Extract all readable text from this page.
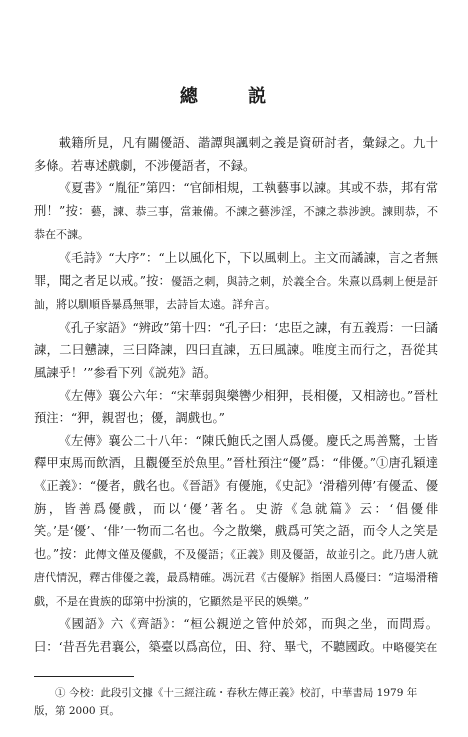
總 説

載籍所見，凡有關優語、諧譚與諷刺之義是資研討者，彙録之。九十多條。若專述戲劇，不涉優語者，不録。

《夏書》“胤征”第四：“官師相規，工執藝事以諫。其或不恭，邦有常刑！”按：藝，諫、恭三事，當兼備。不諫之藝涉淫，不諫之恭涉諛。諫則恭，不恭在不諫。

《毛詩》“大序”：“上以風化下，下以風刺上。主文而譎諫，言之者無罪，聞之者足以戒。”按：優語之刺，與詩之刺，於義全合。朱熹以爲刺上便是訐訕，將以馴順昏暴爲無罪，去詩旨太遠。詳弁言。

《孔子家語》“辨政”第十四：“孔子曰：‘忠臣之諫，有五義焉：一曰譎諫，二曰戇諫，三曰降諫，四曰直諫，五曰風諫。唯度主而行之，吾從其風諫乎！’”参看下列《説苑》語。

《左傳》襄公六年：“宋華弱與樂轡少相狎，長相優，又相謗也。”晉杜預注：“狎，親習也；優，調戲也。”

《左傳》襄公二十八年：“陳氏鮑氏之圉人爲優。慶氏之馬善驚，士皆釋甲束馬而飲酒，且觀優至於魚里。”晉杜預注“優”爲：“俳優。”①唐孔穎達《正義》：“優者，戲名也。《晉語》有優施，《史記》‘滑稽列傳’有優孟、優旃，皆善爲優戲，而以‘優’著名。史游《急就篇》云：‘倡優俳笑。’是‘優’、‘俳’一物而二名也。今之散樂，戲爲可笑之語，而令人之笑是也。”按：此傳文僅及優戲，不及優語；《正義》則及優語，故並引之。此乃唐人就唐代情況，釋古俳優之義，最爲精確。馮沅君《古優解》指圉人爲優曰：“這場滑稽戲，不是在貴族的邸第中扮演的，它顯然是平民的娛樂。”

《國語》六《齊語》：“桓公親逆之管仲於郊，而與之坐，而問焉。曰：‘昔吾先君襄公，築臺以爲高位，田、狩、畢弋，不聽國政。中略優笑在

① 今校：此段引文據《十三經注疏・春秋左傳正義》校訂，中華書局 1979 年版，第 2000 頁。
